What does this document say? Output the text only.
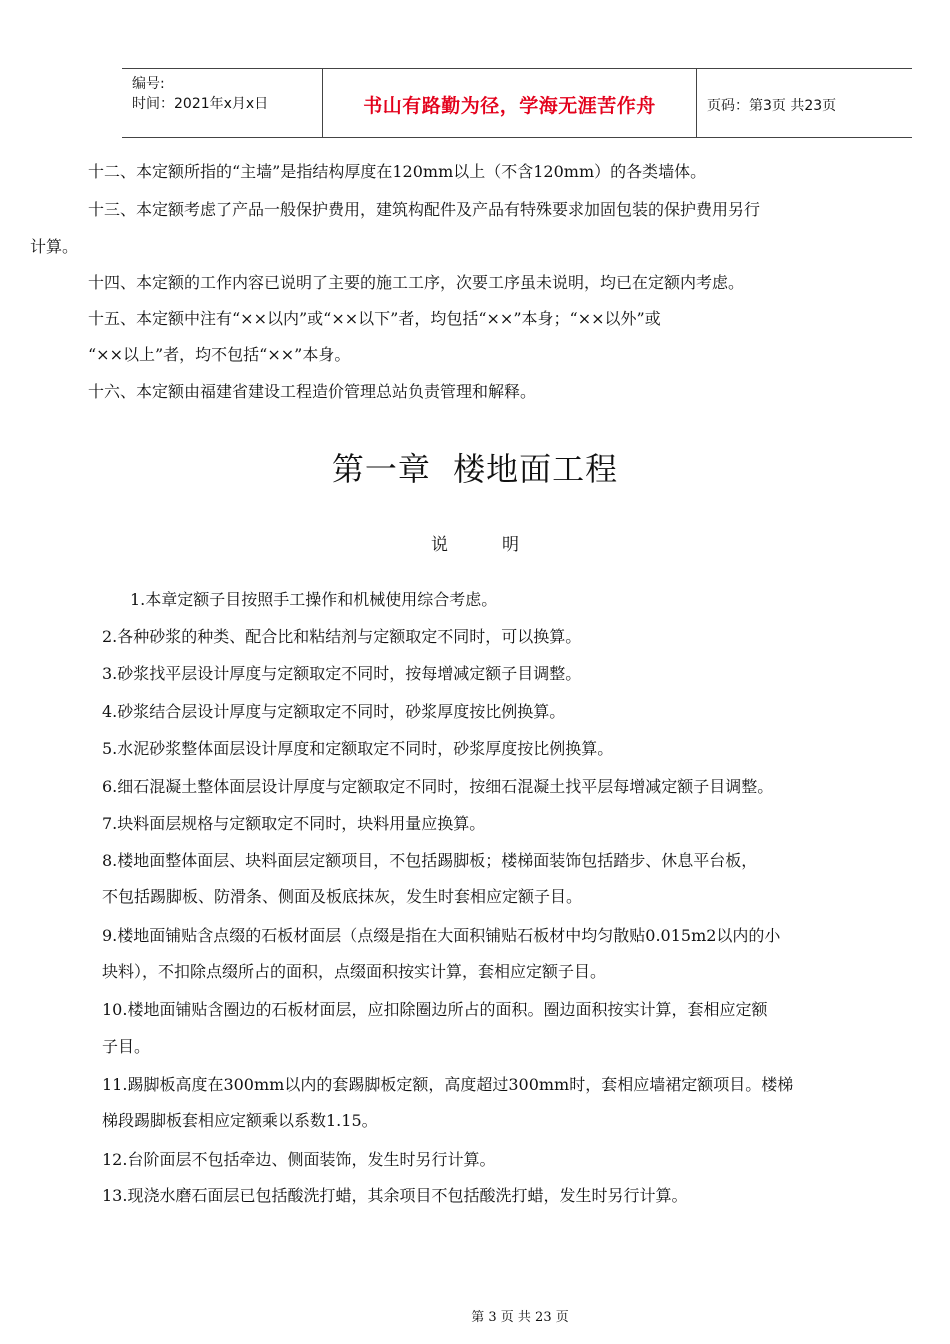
编号:
时间：2021年x月x日	书山有路勤为径，学海无涯苦作舟	页码：第3页 共23页
十二、本定额所指的“主墙”是指结构厚度在120mm以上（不含120mm）的各类墙体。
十三、本定额考虑了产品一般保护费用，建筑构配件及产品有特殊要求加固包装的保护费用另行
计算。
十四、本定额的工作内容已说明了主要的施工工序，次要工序虽未说明，均已在定额内考虑。
十五、本定额中注有“××以内”或“××以下”者，均包括“××”本身；“××以外”或
“××以上”者，均不包括“××”本身。
十六、本定额由福建省建设工程造价管理总站负责管理和解释。
第一章  楼地面工程
说          明
1.本章定额子目按照手工操作和机械使用综合考虑。
2.各种砂浆的种类、配合比和粘结剂与定额取定不同时，可以换算。
3.砂浆找平层设计厚度与定额取定不同时，按每增减定额子目调整。
4.砂浆结合层设计厚度与定额取定不同时，砂浆厚度按比例换算。
5.水泥砂浆整体面层设计厚度和定额取定不同时，砂浆厚度按比例换算。
6.细石混凝土整体面层设计厚度与定额取定不同时，按细石混凝土找平层每增减定额子目调整。
7.块料面层规格与定额取定不同时，块料用量应换算。
8.楼地面整体面层、块料面层定额项目，不包括踢脚板；楼梯面装饰包括踏步、休息平台板，
不包括踢脚板、防滑条、侧面及板底抹灰，发生时套相应定额子目。
9.楼地面铺贴含点缀的石板材面层（点缀是指在大面积铺贴石板材中均匀散贴0.015m2以内的小
块料），不扣除点缀所占的面积，点缀面积按实计算，套相应定额子目。
10.楼地面铺贴含圈边的石板材面层，应扣除圈边所占的面积。圈边面积按实计算，套相应定额
子目。
11.踢脚板高度在300mm以内的套踢脚板定额，高度超过300mm时，套相应墙裙定额项目。楼梯
梯段踢脚板套相应定额乘以系数1.15。
12.台阶面层不包括牵边、侧面装饰，发生时另行计算。
13.现浇水磨石面层已包括酸洗打蜡，其余项目不包括酸洗打蜡，发生时另行计算。
第 3 页 共 23 页
